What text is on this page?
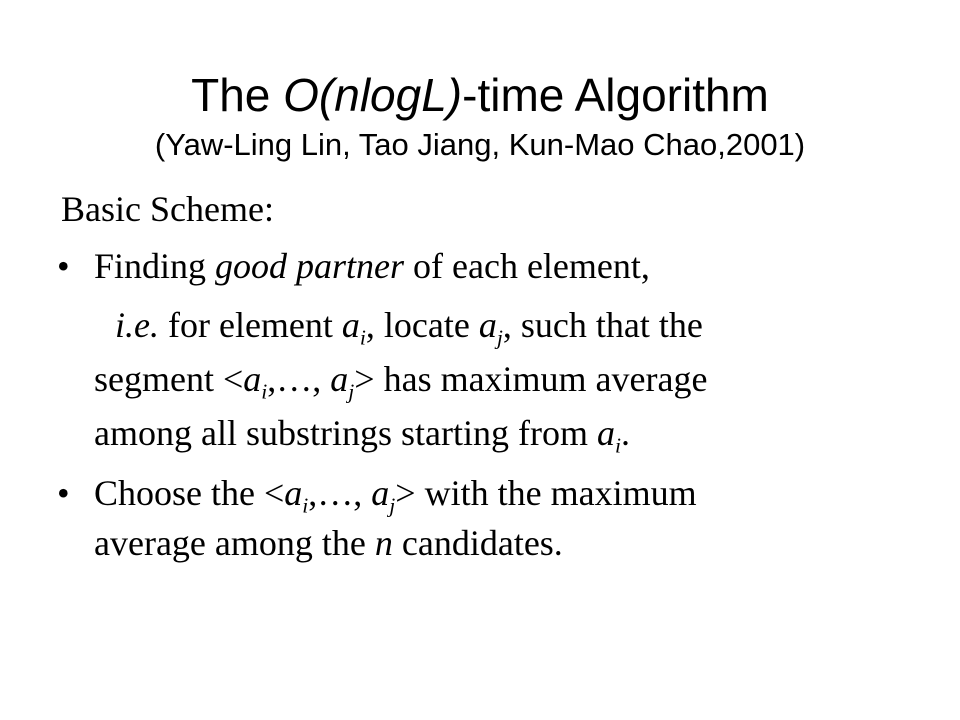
The O(nlogL)-time Algorithm
(Yaw-Ling Lin, Tao Jiang, Kun-Mao Chao,2001)
Basic Scheme:
• Finding good partner of each element,
i.e. for element $a_i$, locate $a_j$, such that the
segment $<a_i,\dots$, $a_j>$ has maximum average
among all substrings starting from $a_i$.
• Choose the $<a_i,\dots$, $a_j>$ with the maximum
average among the n candidates.
